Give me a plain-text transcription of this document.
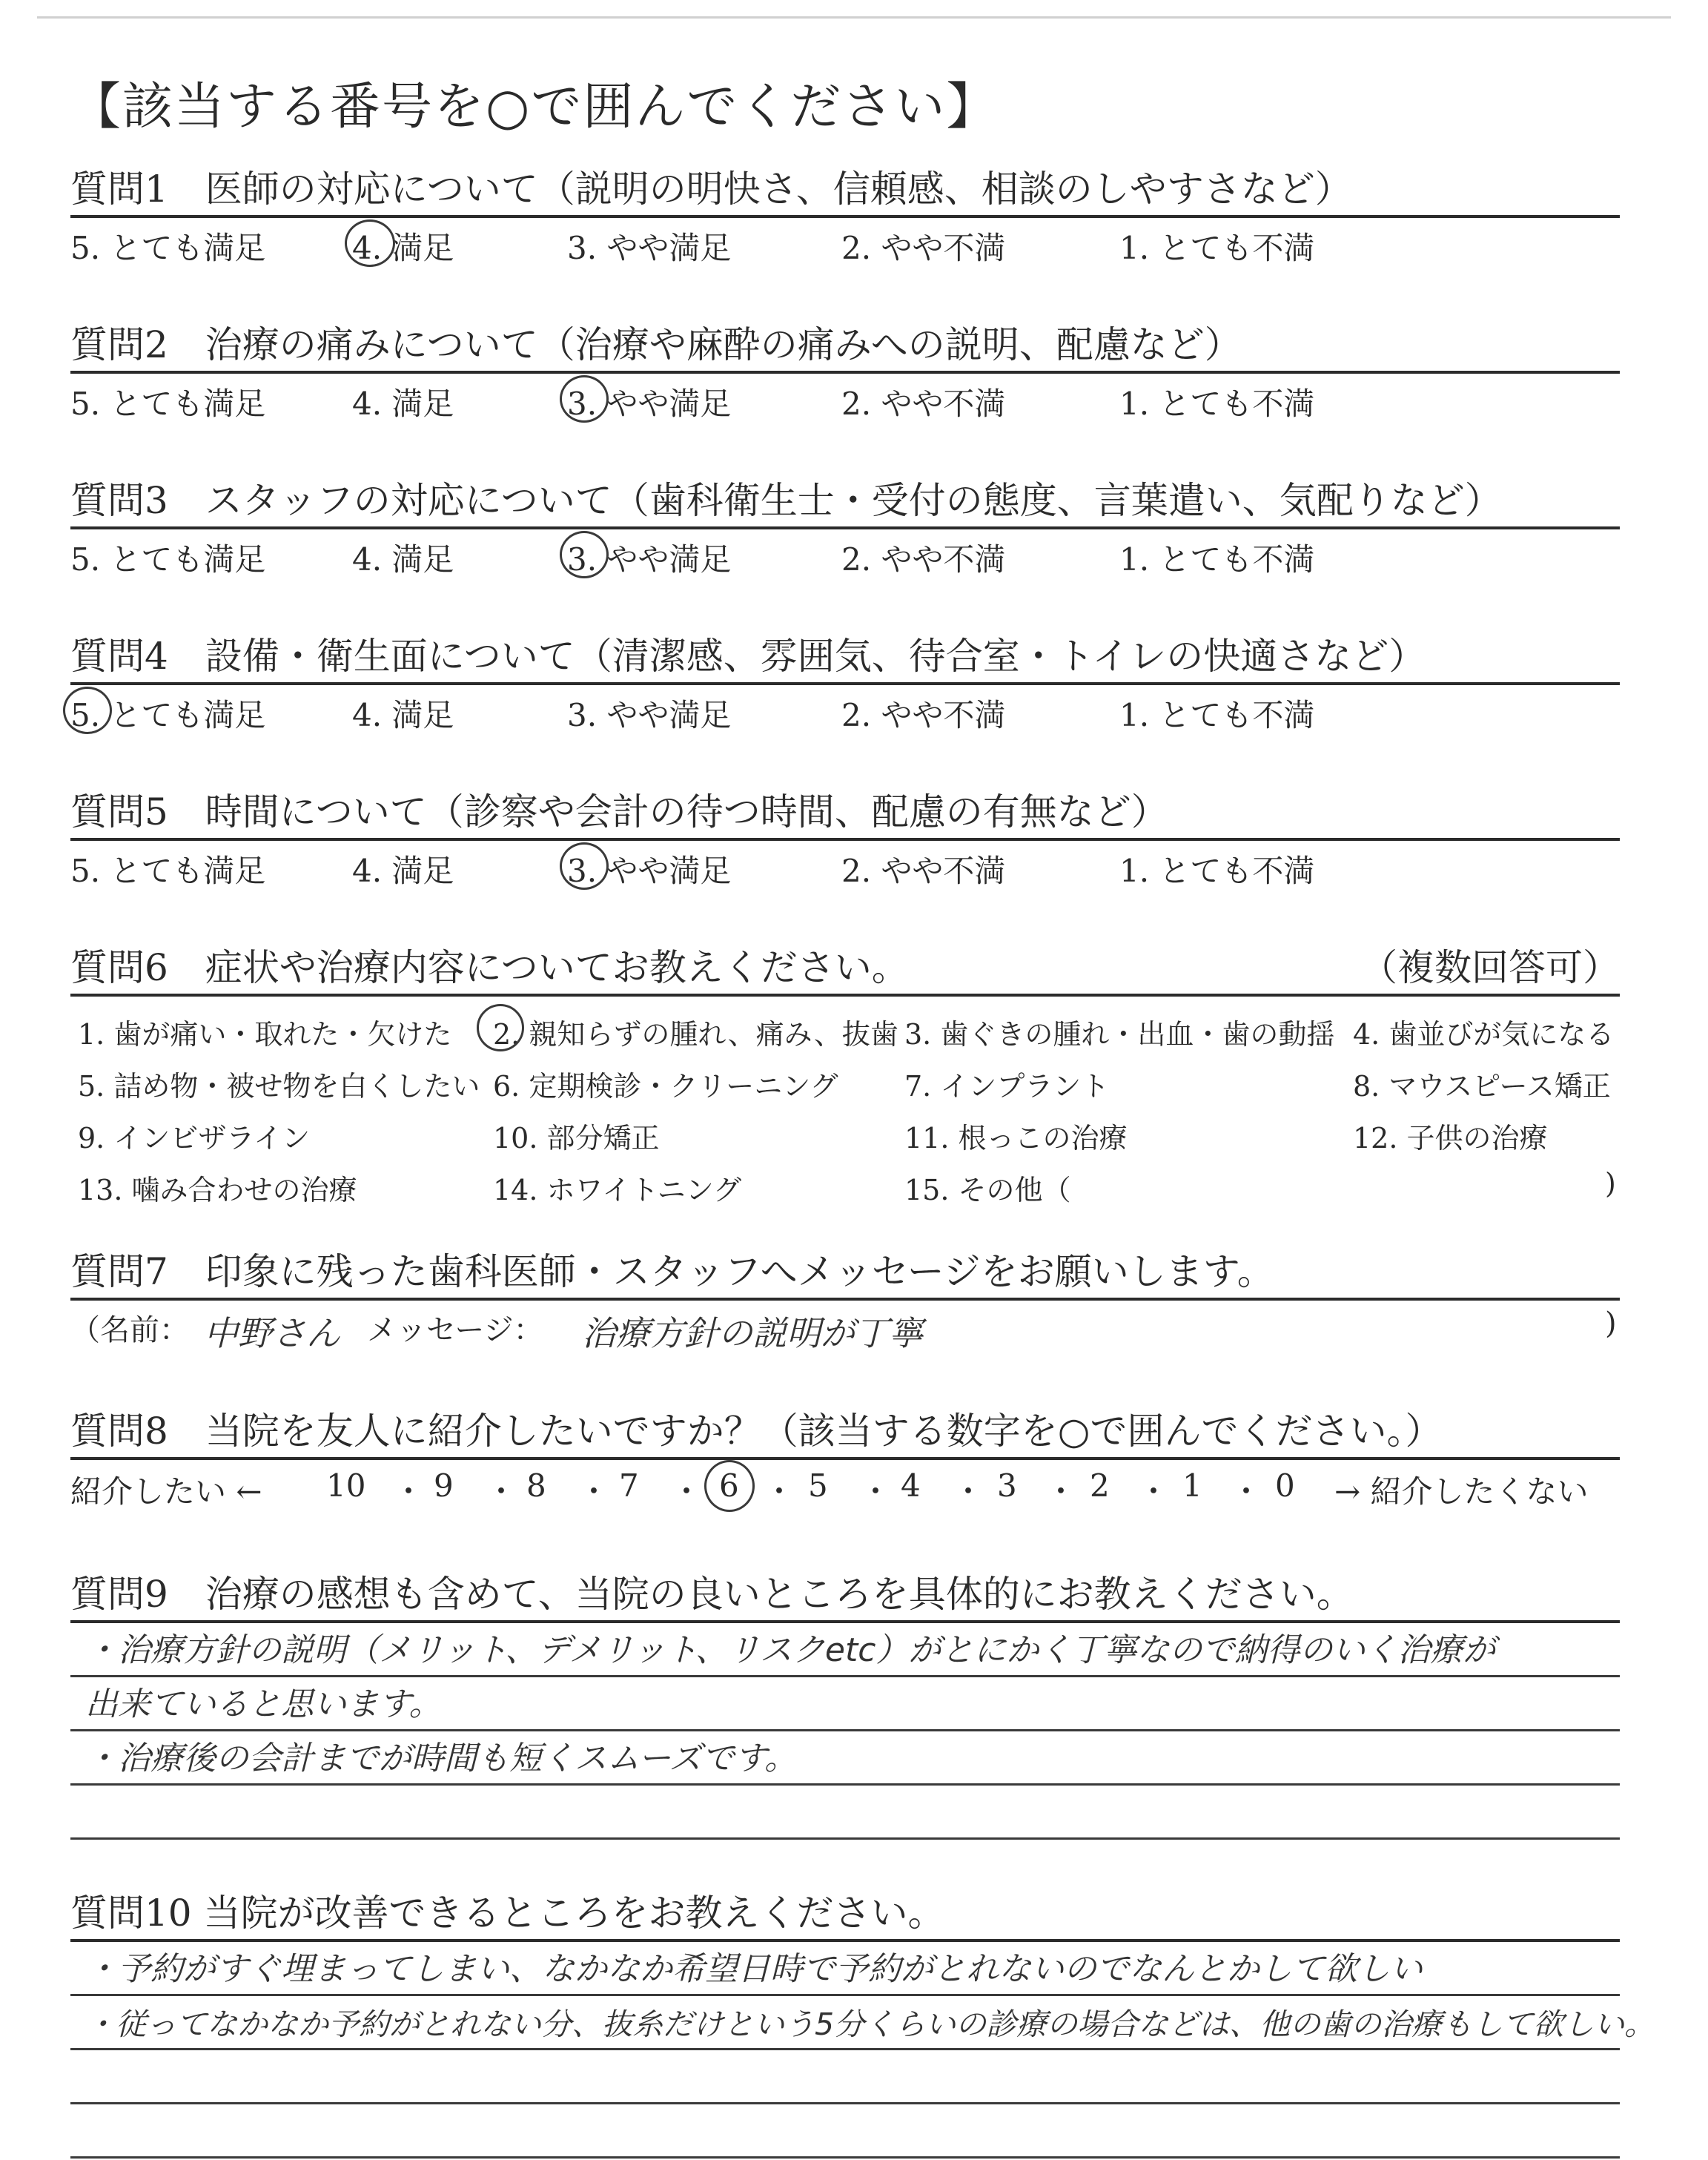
【該当する番号を○で囲んでください】
質問1　医師の対応について（説明の明快さ、信頼感、相談のしやすさなど）
5. とても満足	4. 満足	3. やや満足	2. やや不満	1. とても不満
質問2　治療の痛みについて（治療や麻酔の痛みへの説明、配慮など）
5. とても満足	4. 満足	3. やや満足	2. やや不満	1. とても不満
質問3　スタッフの対応について（歯科衛生士・受付の態度、言葉遣い、気配りなど）
5. とても満足	4. 満足	3. やや満足	2. やや不満	1. とても不満
質問4　設備・衛生面について（清潔感、雰囲気、待合室・トイレの快適さなど）
5. とても満足	4. 満足	3. やや満足	2. やや不満	1. とても不満
質問5　時間について（診察や会計の待つ時間、配慮の有無など）
5. とても満足	4. 満足	3. やや満足	2. やや不満	1. とても不満
質問6　症状や治療内容についてお教えください。	（複数回答可）
1. 歯が痛い・取れた・欠けた 2. 親知らずの腫れ、痛み、抜歯 3. 歯ぐきの腫れ・出血・歯の動揺 4. 歯並びが気になる
5. 詰め物・被せ物を白くしたい 6. 定期検診・クリーニング 7. インプラント	8. マウスピース矯正
9. インビザライン	10. 部分矯正	11. 根っこの治療	12. 子供の治療
13. 噛み合わせの治療	14. ホワイトニング	15. その他（	)
質問7　印象に残った歯科医師・スタッフへメッセージをお願いします。
（名前： 中野さん メッセージ： 治療方針の説明が丁寧	)
質問8　当院を友人に紹介したいですか？（該当する数字を○で囲んでください。）
紹介したい ← 10 ・ 9 ・ 8 ・ 7 ・ 6 ・ 5 ・ 4 ・ 3 ・ 2 ・ 1 ・ 0 → 紹介したくない
質問9　治療の感想も含めて、当院の良いところを具体的にお教えください。
・治療方針の説明（メリット、デメリット、リスクetc）がとにかく丁寧なので納得のいく治療が
出来ていると思います。
・治療後の会計までが時間も短くスムーズです。
質問10 当院が改善できるところをお教えください。
・予約がすぐ埋まってしまい、なかなか希望日時で予約がとれないのでなんとかして欲しい
・従ってなかなか予約がとれない分、抜糸だけという5分くらいの診療の場合などは、他の歯の治療もして欲しい。
